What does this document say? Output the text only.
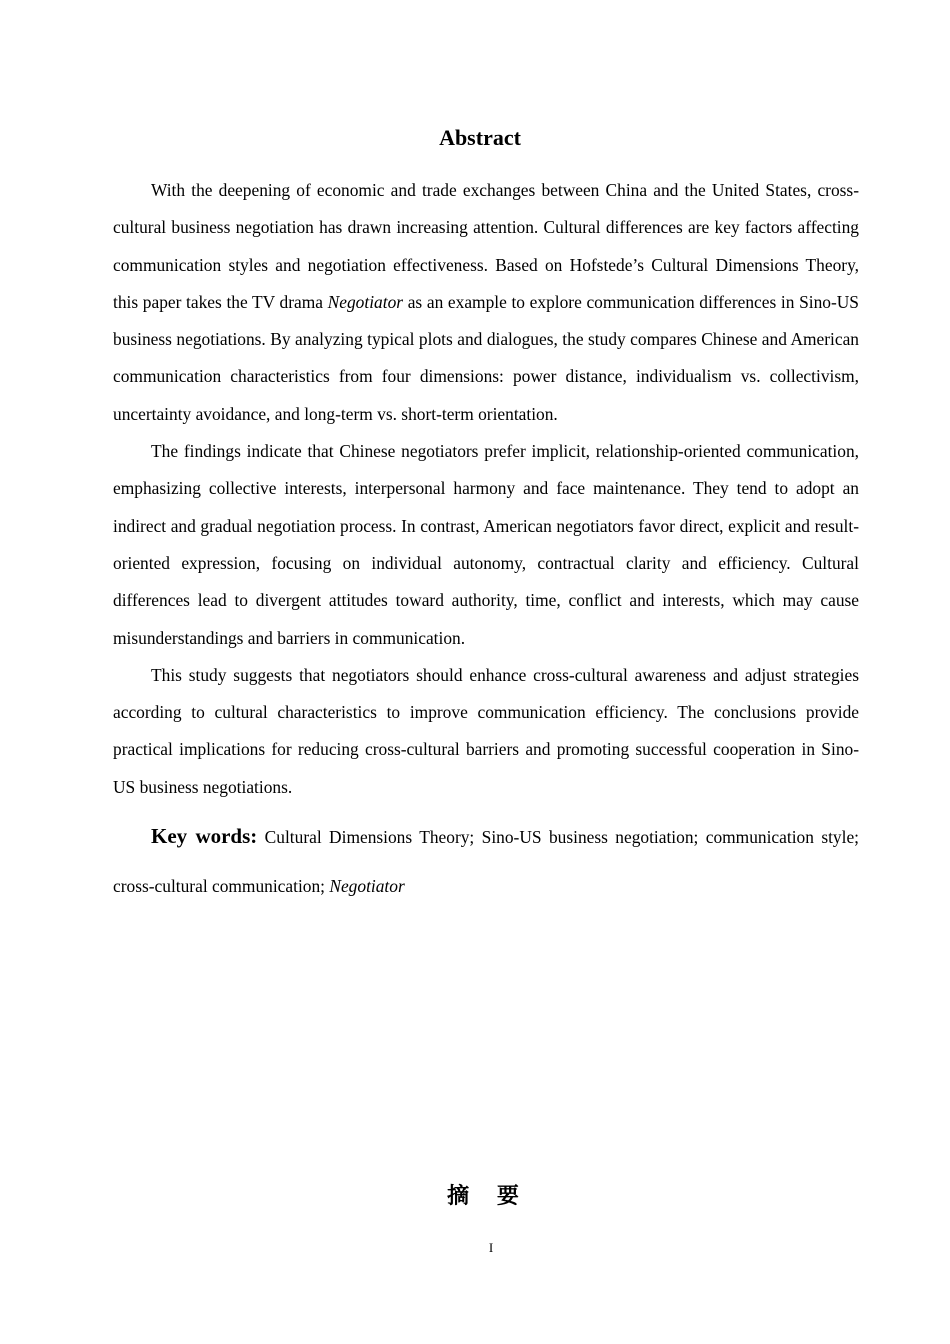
Abstract

With the deepening of economic and trade exchanges between China and the United States, cross-cultural business negotiation has drawn increasing attention. Cultural differences are key factors affecting communication styles and negotiation effectiveness. Based on Hofstede’s Cultural Dimensions Theory, this paper takes the TV drama Negotiator as an example to explore communication differences in Sino-US business negotiations. By analyzing typical plots and dialogues, the study compares Chinese and American communication characteristics from four dimensions: power distance, individualism vs. collectivism, uncertainty avoidance, and long-term vs. short-term orientation.

The findings indicate that Chinese negotiators prefer implicit, relationship-oriented communication, emphasizing collective interests, interpersonal harmony and face maintenance. They tend to adopt an indirect and gradual negotiation process. In contrast, American negotiators favor direct, explicit and result-oriented expression, focusing on individual autonomy, contractual clarity and efficiency. Cultural differences lead to divergent attitudes toward authority, time, conflict and interests, which may cause misunderstandings and barriers in communication.

This study suggests that negotiators should enhance cross-cultural awareness and adjust strategies according to cultural characteristics to improve communication efficiency. The conclusions provide practical implications for reducing cross-cultural barriers and promoting successful cooperation in Sino-US business negotiations.

Key words: Cultural Dimensions Theory; Sino-US business negotiation; communication style; cross-cultural communication; Negotiator

摘 要
I
